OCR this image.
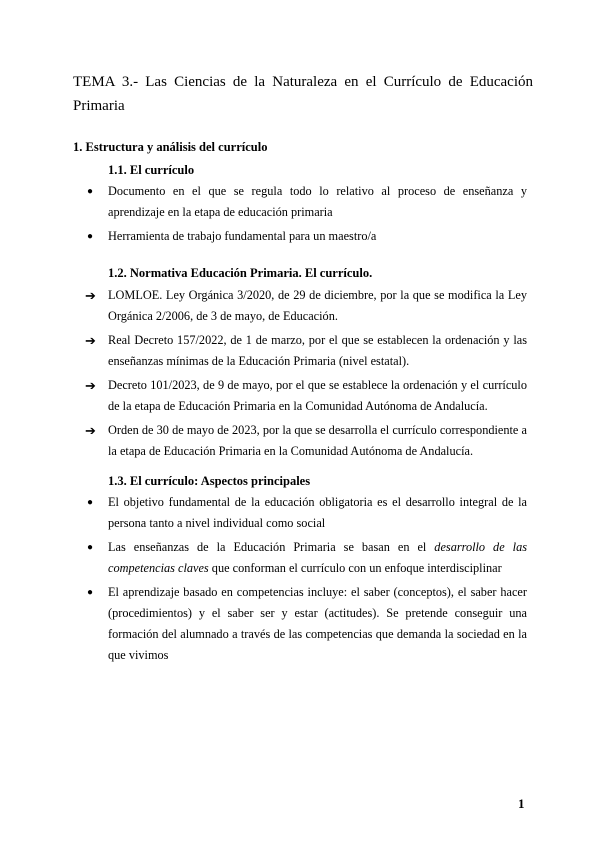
TEMA 3.- Las Ciencias de la Naturaleza en el Currículo de Educación Primaria
1. Estructura y análisis del currículo
1.1. El currículo
●	Documento en el que se regula todo lo relativo al proceso de enseñanza y aprendizaje en la etapa de educación primaria
●	Herramienta de trabajo fundamental para un maestro/a
1.2. Normativa Educación Primaria. El currículo.
➔ LOMLOE. Ley Orgánica 3/2020, de 29 de diciembre, por la que se modifica la Ley Orgánica 2/2006, de 3 de mayo, de Educación.
➔ Real Decreto 157/2022, de 1 de marzo, por el que se establecen la ordenación y las enseñanzas mínimas de la Educación Primaria (nivel estatal).
➔ Decreto 101/2023, de 9 de mayo, por el que se establece la ordenación y el currículo de la etapa de Educación Primaria en la Comunidad Autónoma de Andalucía.
➔ Orden de 30 de mayo de 2023, por la que se desarrolla el currículo correspondiente a la etapa de Educación Primaria en la Comunidad Autónoma de Andalucía.
1.3. El currículo: Aspectos principales
●	El objetivo fundamental de la educación obligatoria es el desarrollo integral de la persona tanto a nivel individual como social
●	Las enseñanzas de la Educación Primaria se basan en el desarrollo de las competencias claves que conforman el currículo con un enfoque interdisciplinar
●	El aprendizaje basado en competencias incluye: el saber (conceptos), el saber hacer (procedimientos) y el saber ser y estar (actitudes). Se pretende conseguir una formación del alumnado a través de las competencias que demanda la sociedad en la que vivimos
1
